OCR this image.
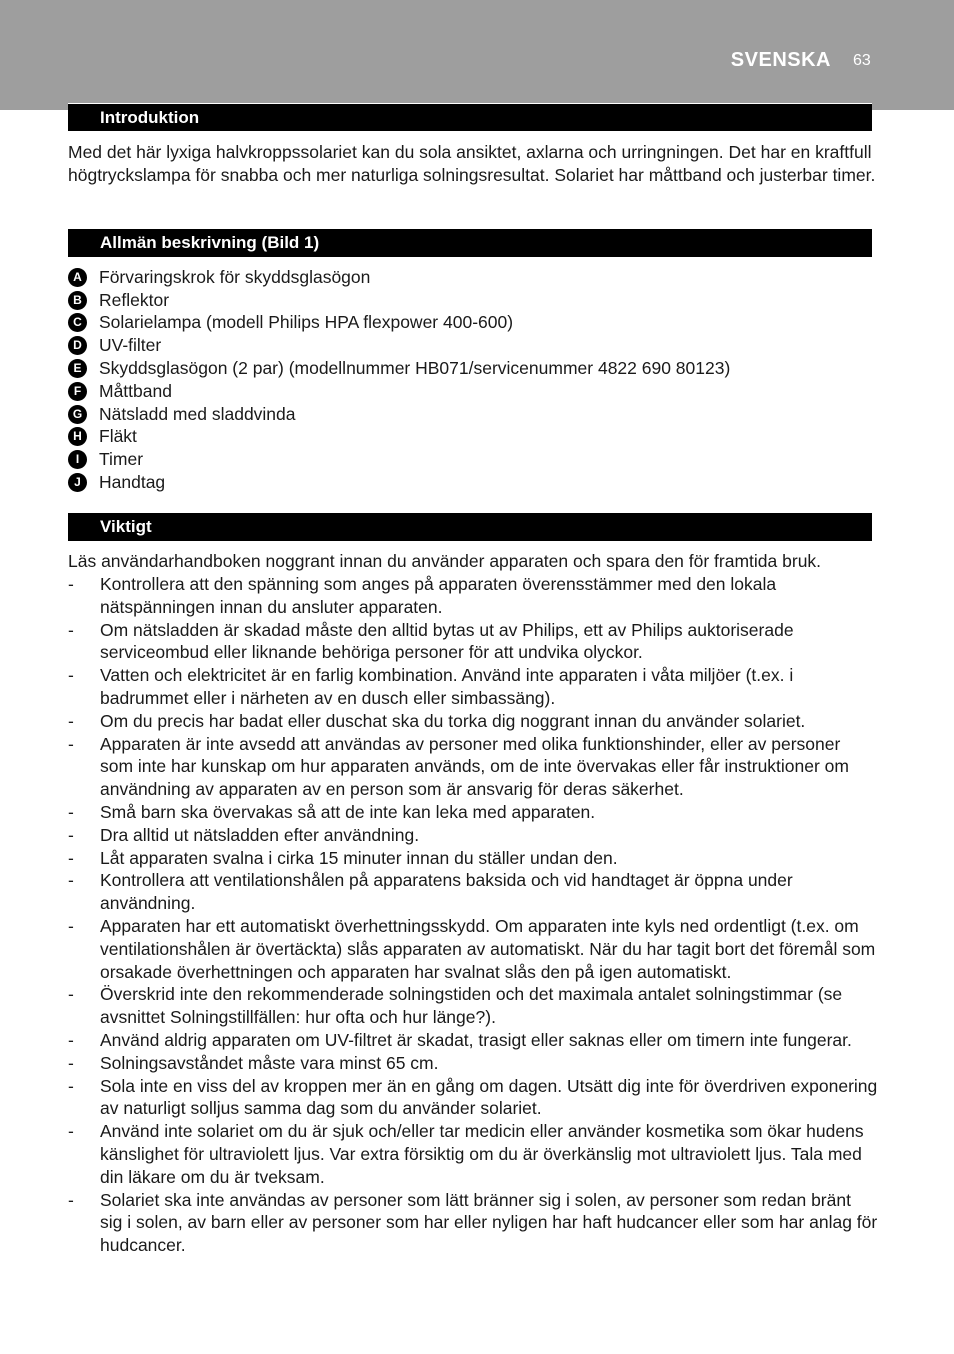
SVENSKA 63
Introduktion
Med det här lyxiga halvkroppssolariet kan du sola ansiktet, axlarna och urringningen. Det har en kraftfull högtryckslampa för snabba och mer naturliga solningsresultat. Solariet har måttband och justerbar timer.
Allmän beskrivning (Bild 1)
A Förvaringskrok för skyddsglasögon
B Reflektor
C Solarielampa (modell Philips HPA flexpower 400-600)
D UV-filter
E	Skyddsglasögon (2 par) (modellnummer HB071/servicenummer 4822 690 80123)
F	Måttband
G Nätsladd med sladdvinda
H Fläkt
I	Timer
J	Handtag
Viktigt
Läs användarhandboken noggrant innan du använder apparaten och spara den för framtida bruk.
-	Kontrollera att den spänning som anges på apparaten överensstämmer med den lokala nätspänningen innan du ansluter apparaten.
-	Om nätsladden är skadad måste den alltid bytas ut av Philips, ett av Philips auktoriserade serviceombud eller liknande behöriga personer för att undvika olyckor.
-	Vatten och elektricitet är en farlig kombination. Använd inte apparaten i våta miljöer (t.ex. i badrummet eller i närheten av en dusch eller simbassäng).
-	Om du precis har badat eller duschat ska du torka dig noggrant innan du använder solariet.
-	Apparaten är inte avsedd att användas av personer med olika funktionshinder, eller av personer som inte har kunskap om hur apparaten används, om de inte övervakas eller får instruktioner om användning av apparaten av en person som är ansvarig för deras säkerhet.
-	Små barn ska övervakas så att de inte kan leka med apparaten.
-	Dra alltid ut nätsladden efter användning.
-	Låt apparaten svalna i cirka 15 minuter innan du ställer undan den.
-	Kontrollera att ventilationshålen på apparatens baksida och vid handtaget är öppna under användning.
-	Apparaten har ett automatiskt överhettningsskydd. Om apparaten inte kyls ned ordentligt (t.ex. om ventilationshålen är övertäckta) slås apparaten av automatiskt. När du har tagit bort det föremål som orsakade överhettningen och apparaten har svalnat slås den på igen automatiskt.
-	Överskrid inte den rekommenderade solningstiden och det maximala antalet solningstimmar (se avsnittet Solningstillfällen: hur ofta och hur länge?).
-	Använd aldrig apparaten om UV-filtret är skadat, trasigt eller saknas eller om timern inte fungerar.
-	Solningsavståndet måste vara minst 65 cm.
-	Sola inte en viss del av kroppen mer än en gång om dagen. Utsätt dig inte för överdriven exponering av naturligt solljus samma dag som du använder solariet.
-	Använd inte solariet om du är sjuk och/eller tar medicin eller använder kosmetika som ökar hudens känslighet för ultraviolett ljus. Var extra försiktig om du är överkänslig mot ultraviolett ljus. Tala med din läkare om du är tveksam.
-	Solariet ska inte användas av personer som lätt bränner sig i solen, av personer som redan bränt sig i solen, av barn eller av personer som har eller nyligen har haft hudcancer eller som har anlag för hudcancer.
